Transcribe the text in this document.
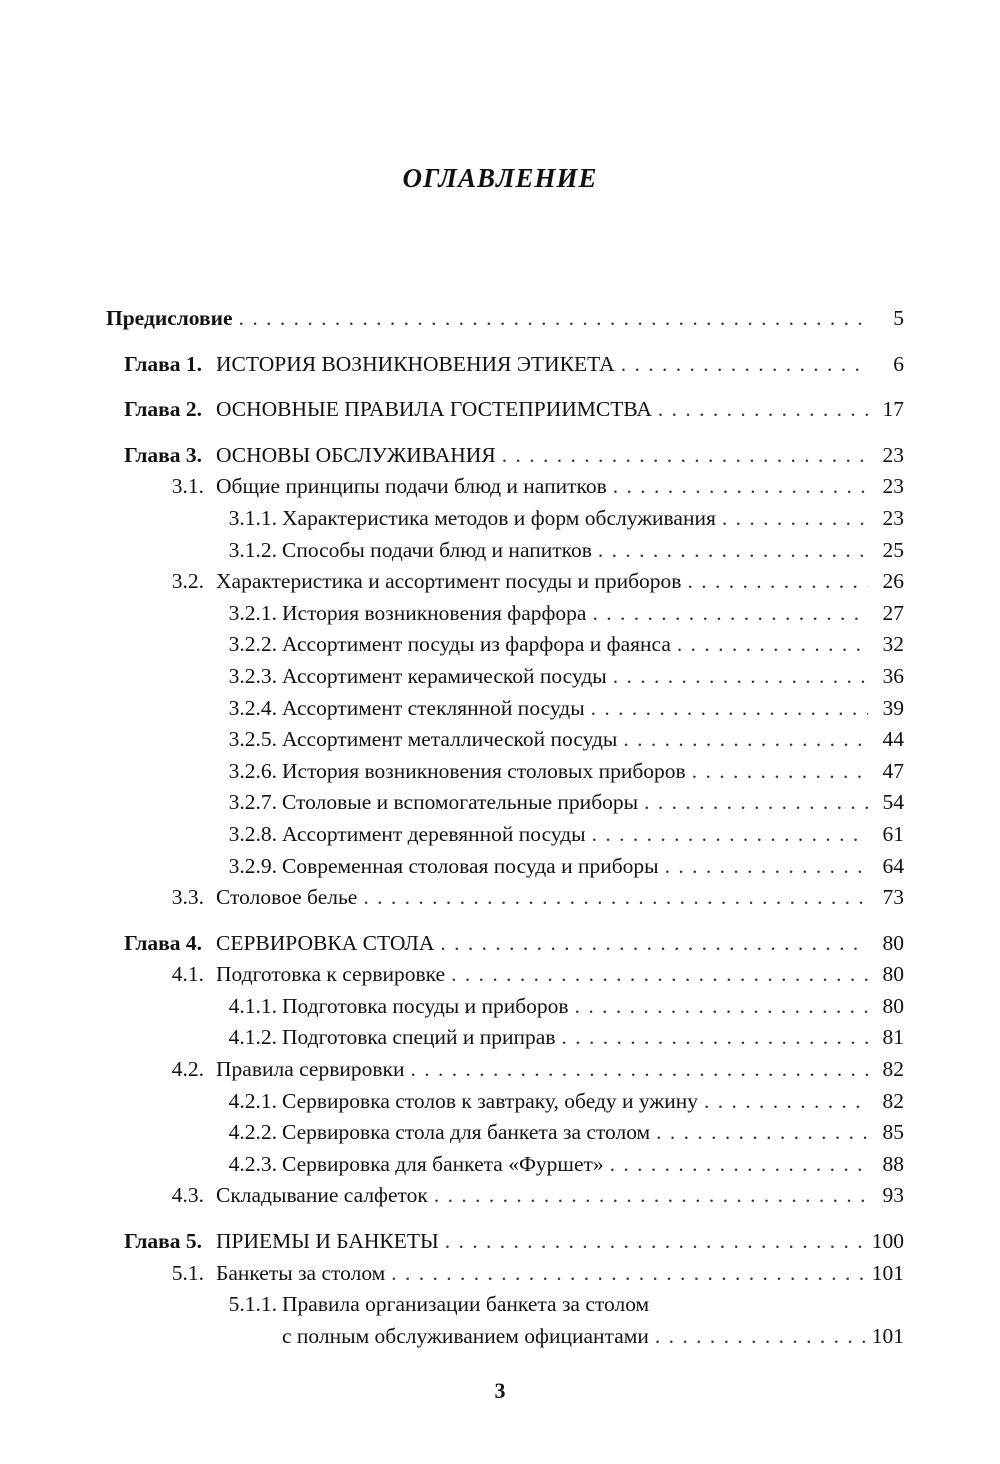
ОГЛАВЛЕНИЕ
Предисловие . . .	5
Глава 1. ИСТОРИЯ ВОЗНИКНОВЕНИЯ ЭТИКЕТА . . .	6
Глава 2. ОСНОВНЫЕ ПРАВИЛА ГОСТЕПРИИМСТВА . . .	17
Глава 3. ОСНОВЫ ОБСЛУЖИВАНИЯ . . .	23
3.1. Общие принципы подачи блюд и напитков . . .	23
3.1.1. Характеристика методов и форм обслуживания . . .	23
3.1.2. Способы подачи блюд и напитков . . .	25
3.2. Характеристика и ассортимент посуды и приборов . . .	26
3.2.1. История возникновения фарфора . . .	27
3.2.2. Ассортимент посуды из фарфора и фаянса . . .	32
3.2.3. Ассортимент керамической посуды . . .	36
3.2.4. Ассортимент стеклянной посуды . . .	39
3.2.5. Ассортимент металлической посуды . . .	44
3.2.6. История возникновения столовых приборов . . .	47
3.2.7. Столовые и вспомогательные приборы . . .	54
3.2.8. Ассортимент деревянной посуды . . .	61
3.2.9. Современная столовая посуда и приборы . . .	64
3.3. Столовое белье . . .	73
Глава 4. СЕРВИРОВКА СТОЛА . . .	80
4.1. Подготовка к сервировке . . .	80
4.1.1. Подготовка посуды и приборов . . .	80
4.1.2. Подготовка специй и приправ . . .	81
4.2. Правила сервировки . . .	82
4.2.1. Сервировка столов к завтраку, обеду и ужину . . .	82
4.2.2. Сервировка стола для банкета за столом . . .	85
4.2.3. Сервировка для банкета «Фуршет» . . .	88
4.3. Складывание салфеток . . .	93
Глава 5. ПРИЕМЫ И БАНКЕТЫ . . .	100
5.1. Банкеты за столом . . .	101
5.1.1. Правила организации банкета за столом
с полным обслуживанием официантами . . .	101
3
